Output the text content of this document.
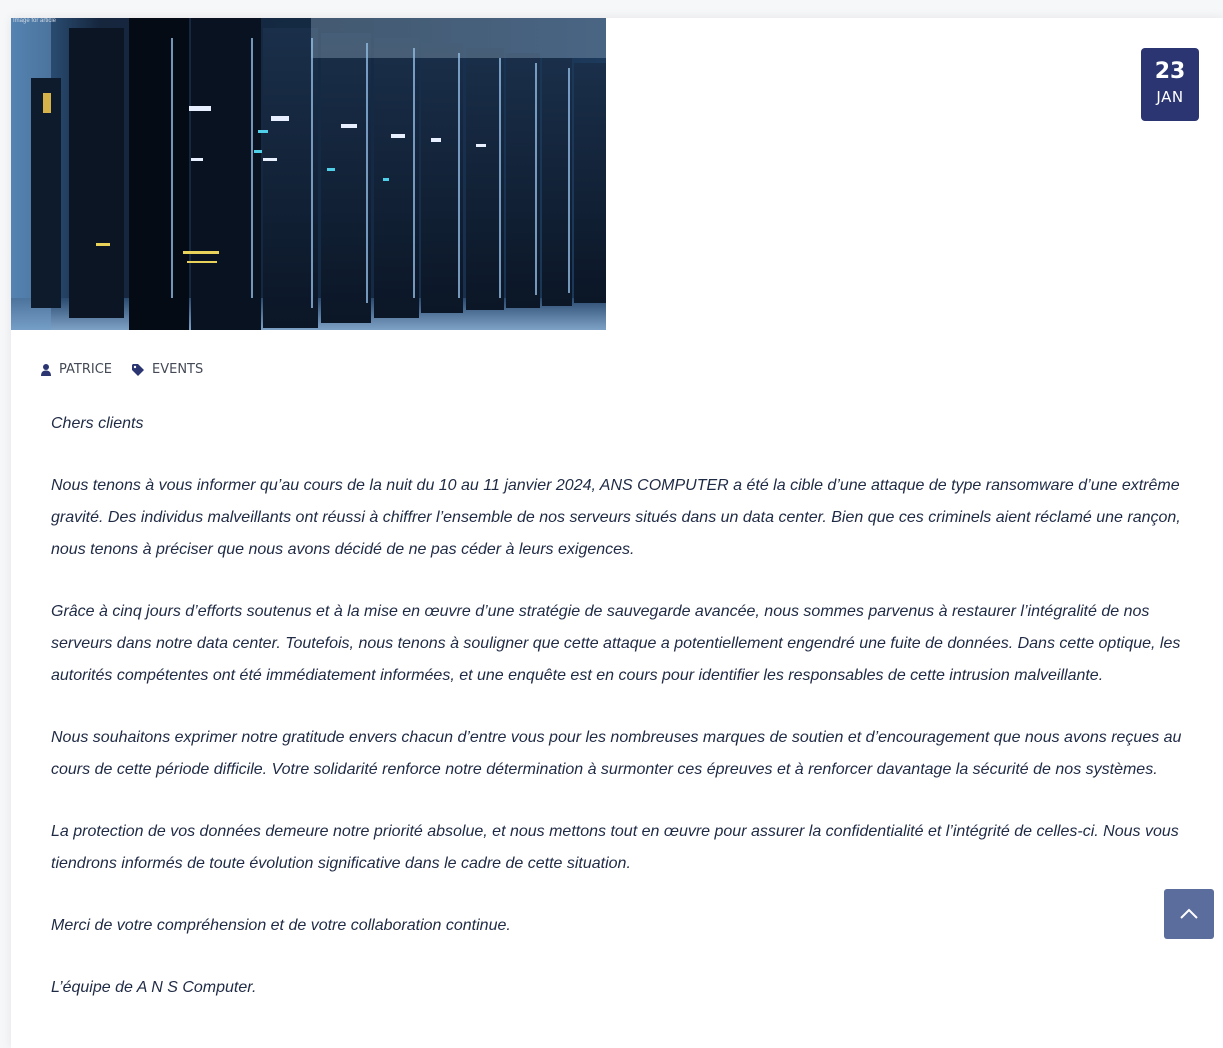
Image for article
23
JAN
PATRICE	EVENTS

Chers clients

Nous tenons à vous informer qu’au cours de la nuit du 10 au 11 janvier 2024, ANS COMPUTER a été la cible d’une attaque de type ransomware d’une extrême gravité. Des individus malveillants ont réussi à chiffrer l’ensemble de nos serveurs situés dans un data center. Bien que ces criminels aient réclamé une rançon, nous tenons à préciser que nous avons décidé de ne pas céder à leurs exigences.

Grâce à cinq jours d’efforts soutenus et à la mise en œuvre d’une stratégie de sauvegarde avancée, nous sommes parvenus à restaurer l’intégralité de nos serveurs dans notre data center. Toutefois, nous tenons à souligner que cette attaque a potentiellement engendré une fuite de données. Dans cette optique, les autorités compétentes ont été immédiatement informées, et une enquête est en cours pour identifier les responsables de cette intrusion malveillante.

Nous souhaitons exprimer notre gratitude envers chacun d’entre vous pour les nombreuses marques de soutien et d’encouragement que nous avons reçues au cours de cette période difficile. Votre solidarité renforce notre détermination à surmonter ces épreuves et à renforcer davantage la sécurité de nos systèmes.

La protection de vos données demeure notre priorité absolue, et nous mettons tout en œuvre pour assurer la confidentialité et l’intégrité de celles-ci. Nous vous tiendrons informés de toute évolution significative dans le cadre de cette situation.

Merci de votre compréhension et de votre collaboration continue.

L’équipe de A N S Computer.
